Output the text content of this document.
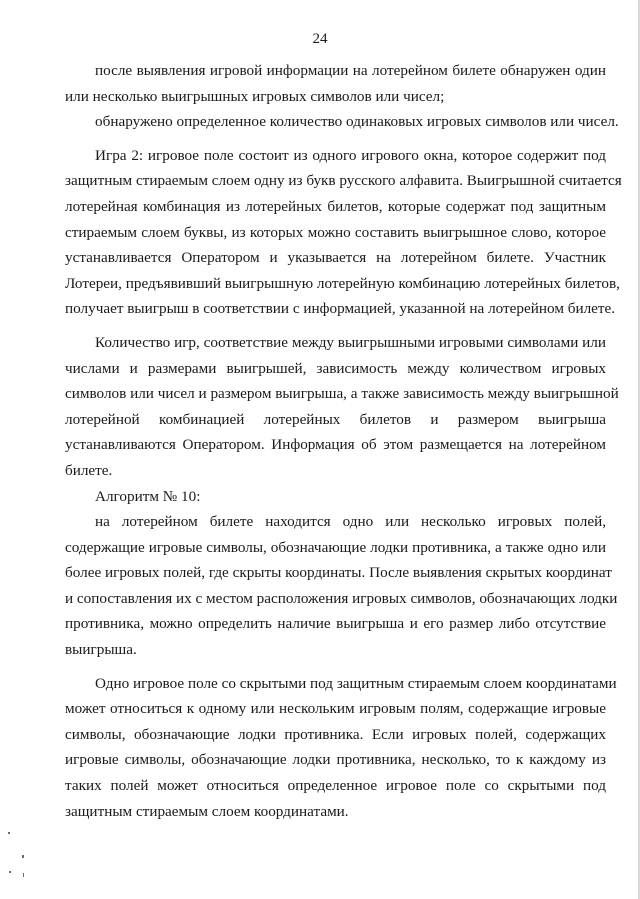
24
после выявления игровой информации на лотерейном билете обнаружен один
или несколько выигрышных игровых символов или чисел;
обнаружено определенное количество одинаковых игровых символов или чисел.
Игра 2: игровое поле состоит из одного игрового окна, которое содержит под
защитным стираемым слоем одну из букв русского алфавита. Выигрышной считается
лотерейная комбинация из лотерейных билетов, которые содержат под защитным
стираемым слоем буквы, из которых можно составить выигрышное слово, которое
устанавливается Оператором и указывается на лотерейном билете. Участник
Лотереи, предъявивший выигрышную лотерейную комбинацию лотерейных билетов,
получает выигрыш в соответствии с информацией, указанной на лотерейном билете.
Количество игр, соответствие между выигрышными игровыми символами или
числами и размерами выигрышей, зависимость между количеством игровых
символов или чисел и размером выигрыша, а также зависимость между выигрышной
лотерейной комбинацией лотерейных билетов и размером выигрыша
устанавливаются Оператором. Информация об этом размещается на лотерейном
билете.
Алгоритм № 10:
на лотерейном билете находится одно или несколько игровых полей,
содержащие игровые символы, обозначающие лодки противника, а также одно или
более игровых полей, где скрыты координаты. После выявления скрытых координат
и сопоставления их с местом расположения игровых символов, обозначающих лодки
противника, можно определить наличие выигрыша и его размер либо отсутствие
выигрыша.
Одно игровое поле со скрытыми под защитным стираемым слоем координатами
может относиться к одному или нескольким игровым полям, содержащие игровые
символы, обозначающие лодки противника. Если игровых полей, содержащих
игровые символы, обозначающие лодки противника, несколько, то к каждому из
таких полей может относиться определенное игровое поле со скрытыми под
защитным стираемым слоем координатами.
